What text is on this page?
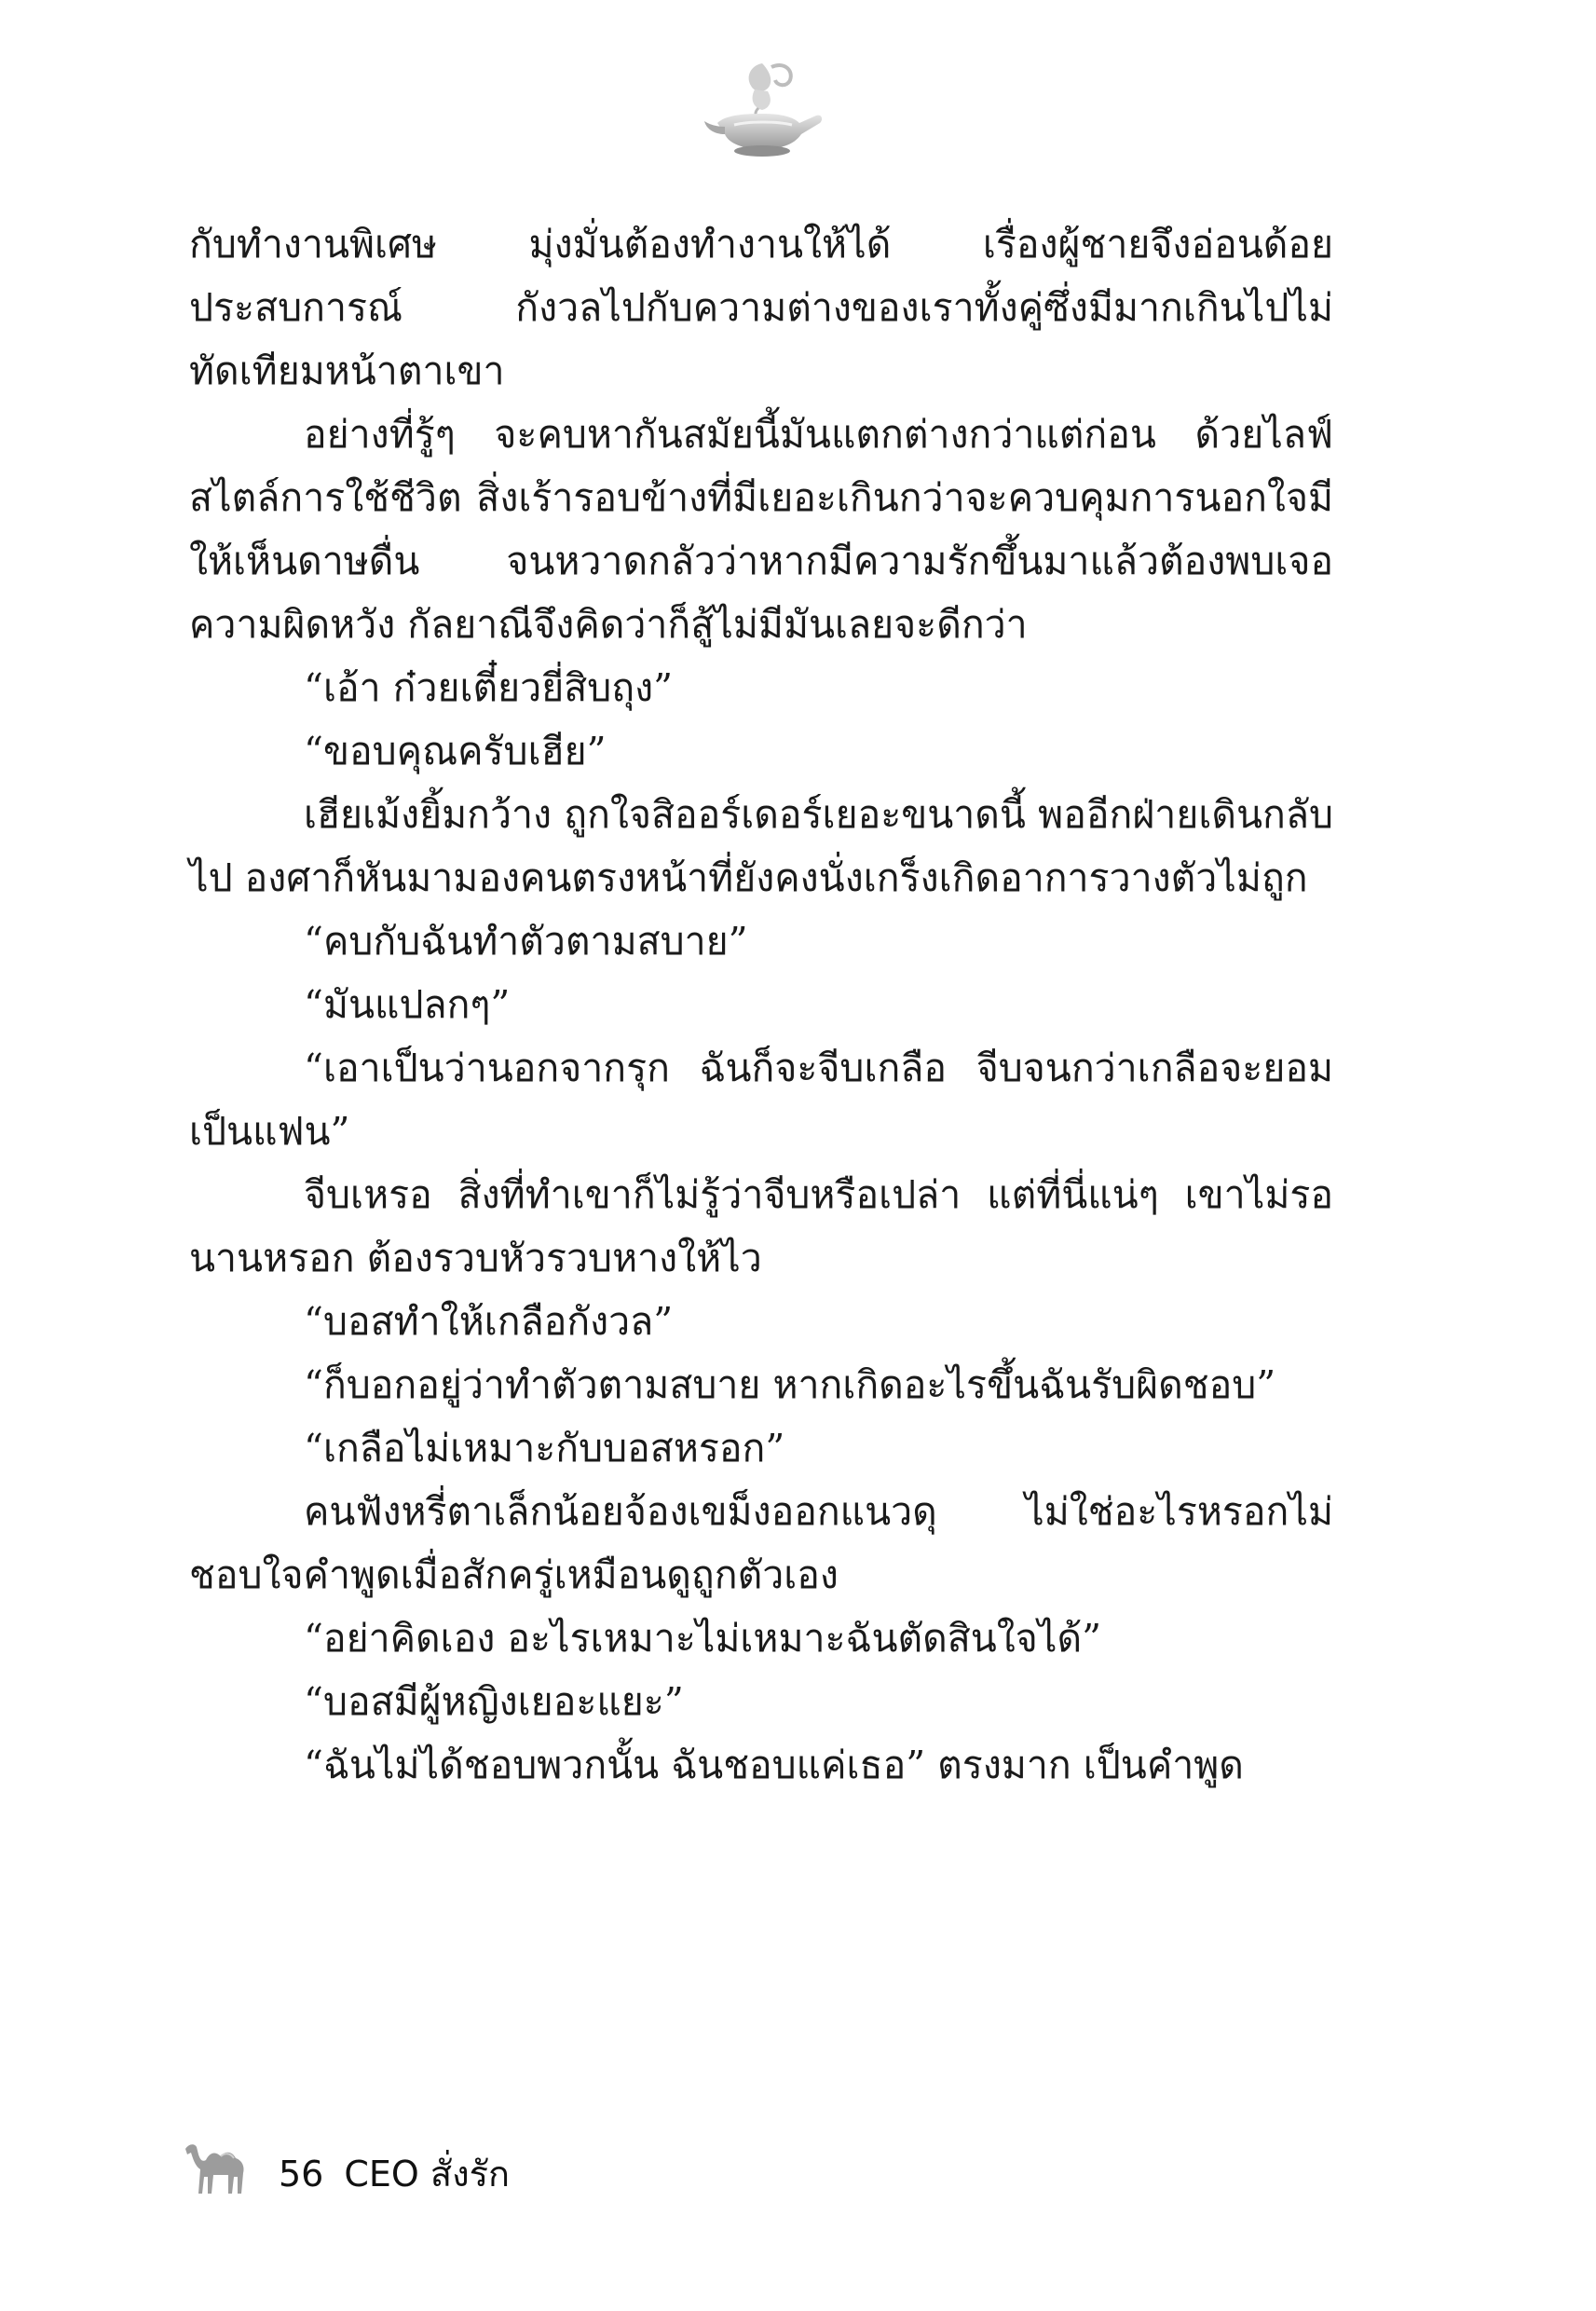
กับทำงานพิเศษ มุ่งมั่นต้องทำงานให้ได้ เรื่องผู้ชายจึงอ่อนด้อยประสบการณ์ กังวลไปกับความต่างของเราทั้งคู่ซึ่งมีมากเกินไปไม่ทัดเทียมหน้าตาเขา

อย่างที่รู้ๆ จะคบหากันสมัยนี้มันแตกต่างกว่าแต่ก่อน ด้วยไลฟ์สไตล์การใช้ชีวิต สิ่งเร้ารอบข้างที่มีเยอะเกินกว่าจะควบคุมการนอกใจมีให้เห็นดาษดื่น จนหวาดกลัวว่าหากมีความรักขึ้นมาแล้วต้องพบเจอความผิดหวัง กัลยาณีจึงคิดว่าก็สู้ไม่มีมันเลยจะดีกว่า

“เอ้า ก๋วยเตี๋ยวยี่สิบถุง”

“ขอบคุณครับเฮีย”

เฮียเม้งยิ้มกว้าง ถูกใจสิออร์เดอร์เยอะขนาดนี้ พออีกฝ่ายเดินกลับไป องศาก็หันมามองคนตรงหน้าที่ยังคงนั่งเกร็งเกิดอาการวางตัวไม่ถูก

“คบกับฉันทำตัวตามสบาย”

“มันแปลกๆ”

“เอาเป็นว่านอกจากรุก ฉันก็จะจีบเกลือ จีบจนกว่าเกลือจะยอมเป็นแฟน”

จีบเหรอ สิ่งที่ทำเขาก็ไม่รู้ว่าจีบหรือเปล่า แต่ที่นี่แน่ๆ เขาไม่รอนานหรอก ต้องรวบหัวรวบหางให้ไว

“บอสทำให้เกลือกังวล”

“ก็บอกอยู่ว่าทำตัวตามสบาย หากเกิดอะไรขึ้นฉันรับผิดชอบ”

“เกลือไม่เหมาะกับบอสหรอก”

คนฟังหรี่ตาเล็กน้อยจ้องเขม็งออกแนวดุ ไม่ใช่อะไรหรอกไม่ชอบใจคำพูดเมื่อสักครู่เหมือนดูถูกตัวเอง

“อย่าคิดเอง อะไรเหมาะไม่เหมาะฉันตัดสินใจได้”

“บอสมีผู้หญิงเยอะแยะ”

“ฉันไม่ได้ชอบพวกนั้น ฉันชอบแค่เธอ” ตรงมาก เป็นคำพูด

56 CEO สั่งรัก
